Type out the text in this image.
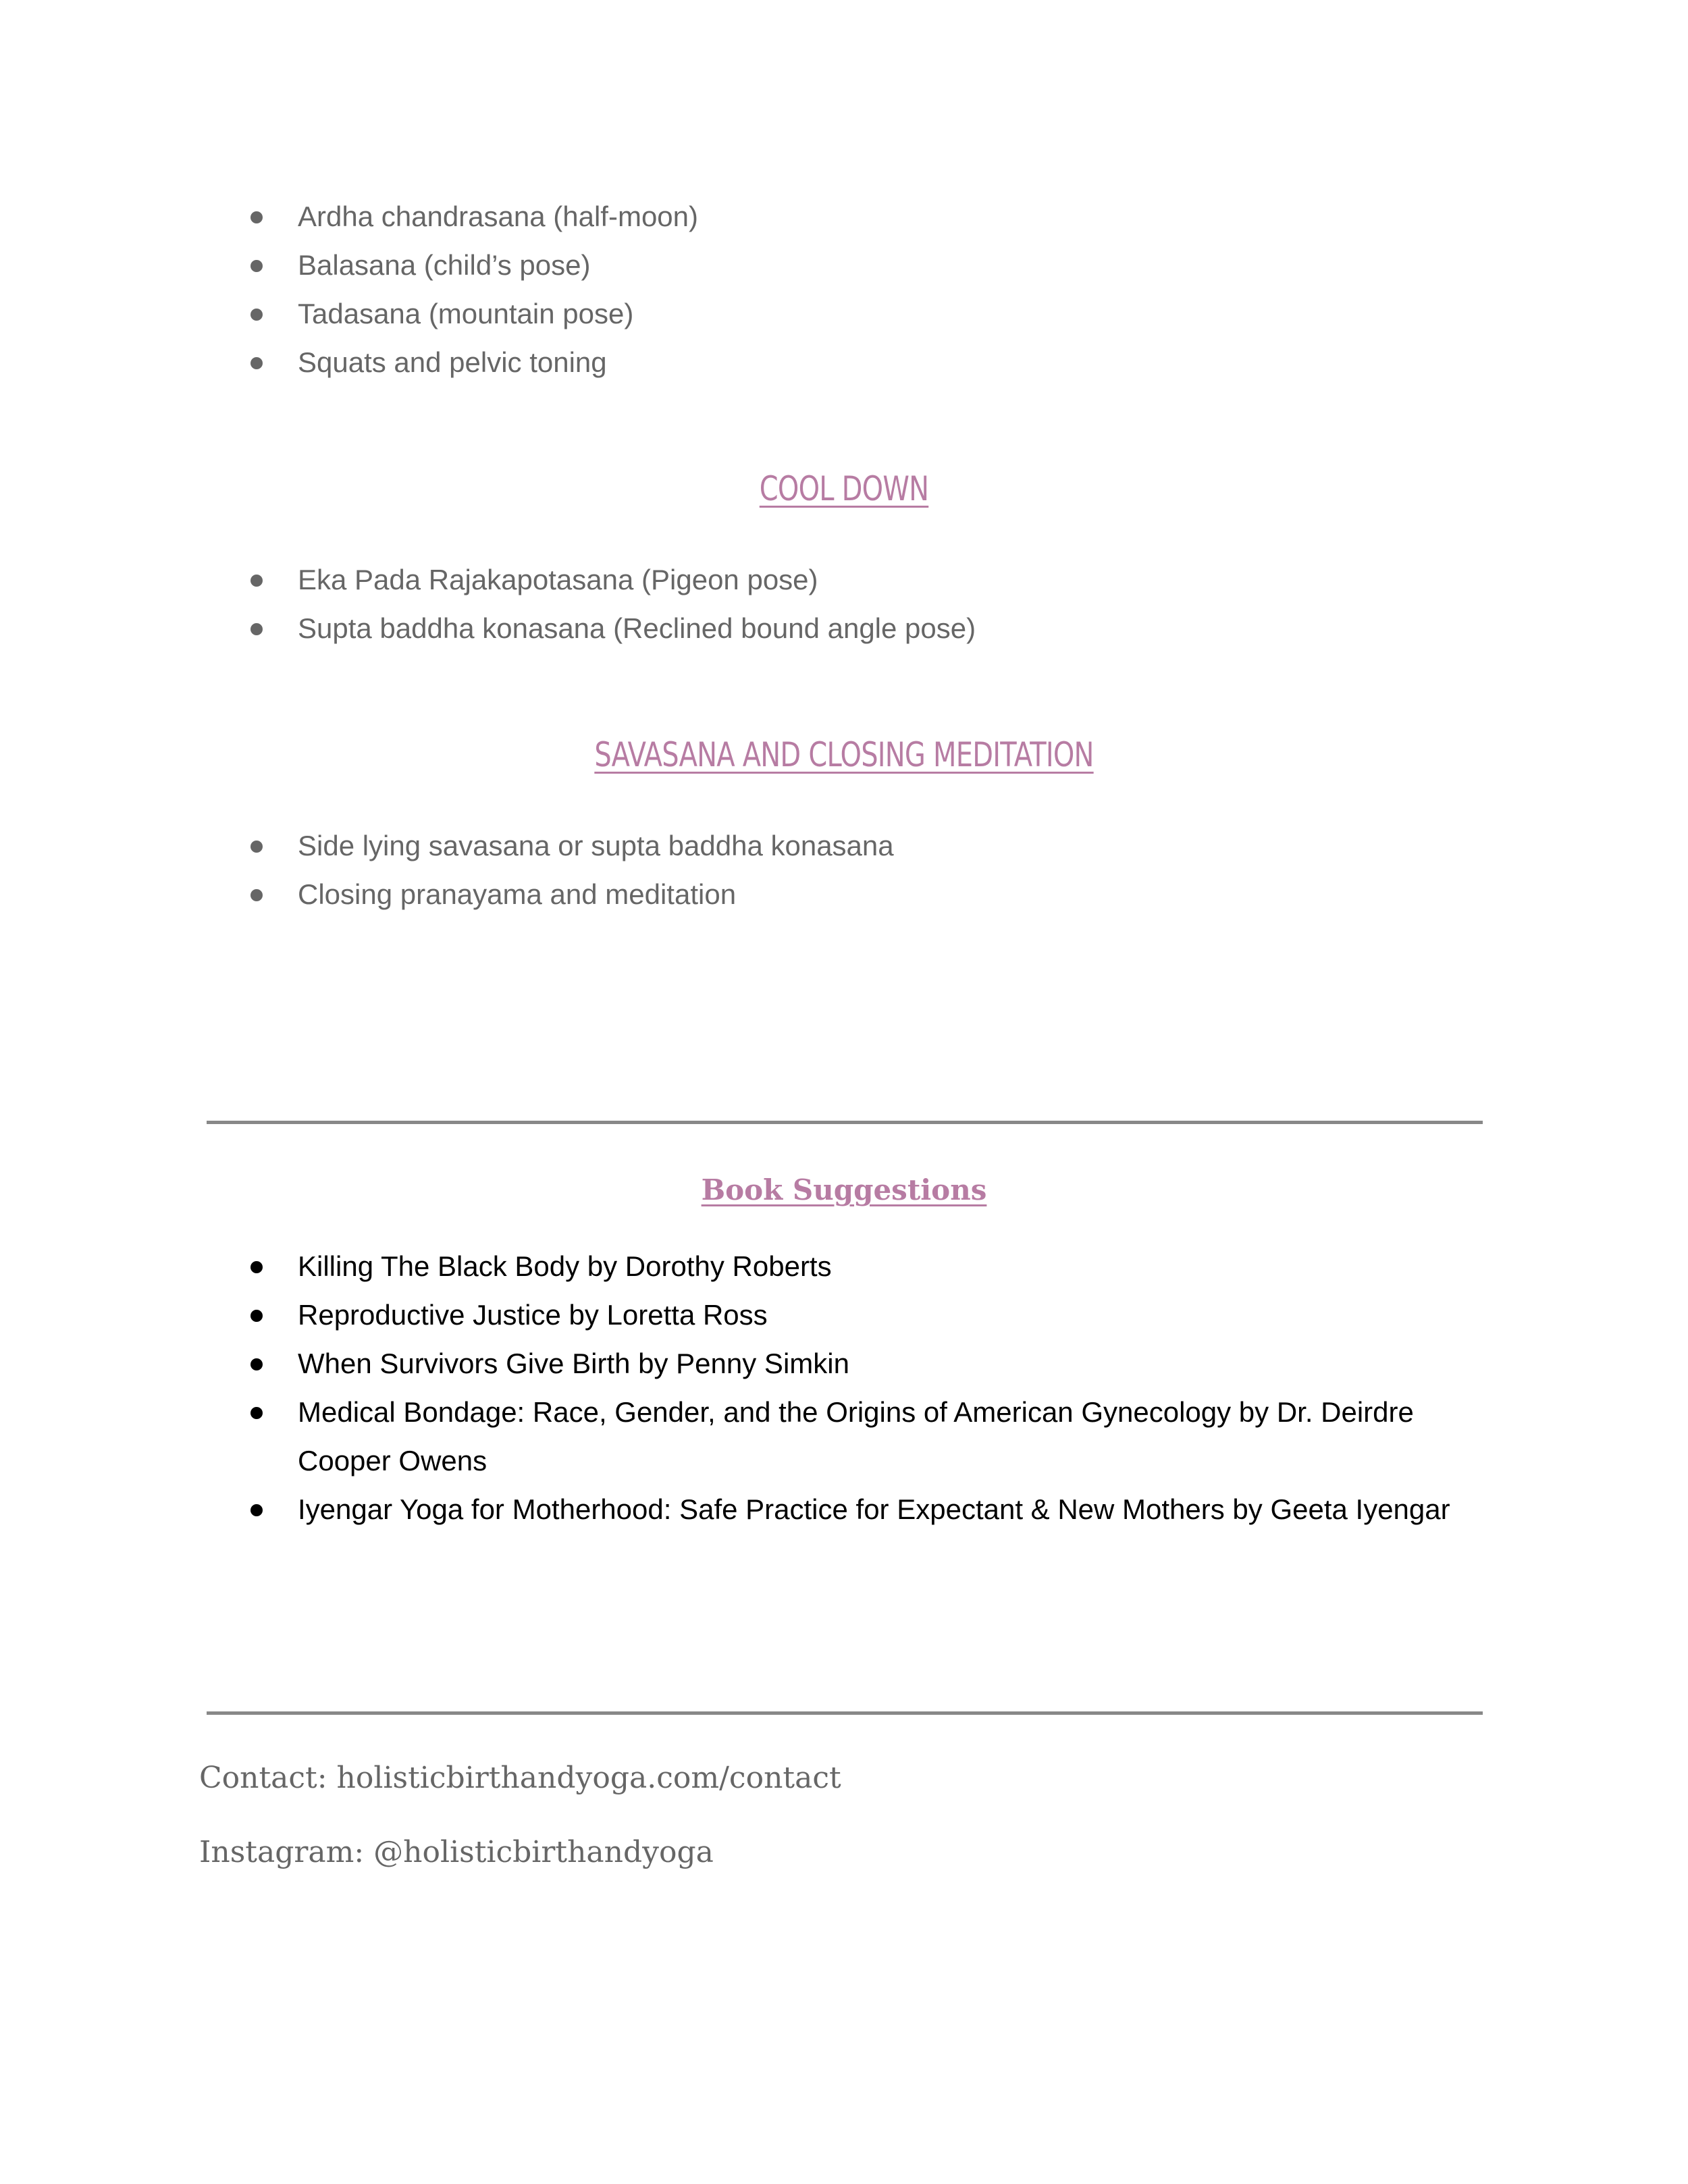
Ardha chandrasana (half-moon)
Balasana (child’s pose)
Tadasana (mountain pose)
Squats and pelvic toning
COOL DOWN
Eka Pada Rajakapotasana (Pigeon pose)
Supta baddha konasana (Reclined bound angle pose)
SAVASANA AND CLOSING MEDITATION
Side lying savasana or supta baddha konasana
Closing pranayama and meditation
Book Suggestions
Killing The Black Body by Dorothy Roberts
Reproductive Justice by Loretta Ross
When Survivors Give Birth by Penny Simkin
Medical Bondage: Race, Gender, and the Origins of American Gynecology by Dr. Deirdre Cooper Owens
Iyengar Yoga for Motherhood: Safe Practice for Expectant & New Mothers by Geeta Iyengar

Contact: holisticbirthandyoga.com/contact

Instagram: @holisticbirthandyoga
